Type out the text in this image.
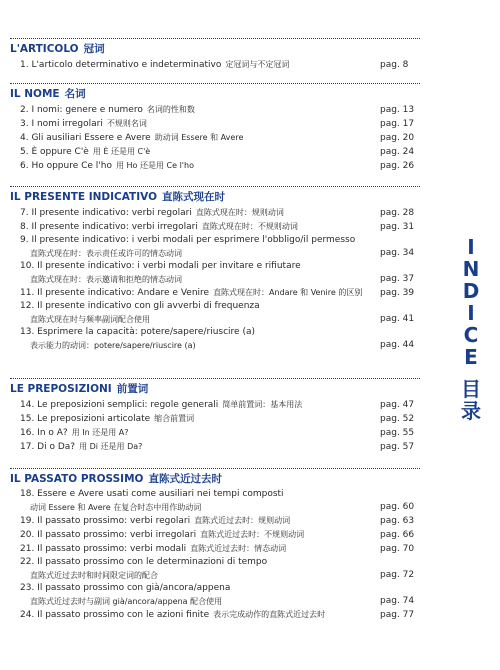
L'ARTICOLO 冠词
1. L'articolo determinativo e indeterminativo 定冠词与不定冠词	pag. 8
IL NOME 名词
2. I nomi: genere e numero 名词的性和数	pag. 13
3. I nomi irregolari 不规则名词	pag. 17
4. Gli ausiliari Essere e Avere 助动词 Essere 和 Avere	pag. 20
5. È oppure C'è 用 È 还是用 C'è	pag. 24
6. Ho oppure Ce l'ho 用 Ho 还是用 Ce l'ho	pag. 26
IL PRESENTE INDICATIVO 直陈式现在时
7. Il presente indicativo: verbi regolari 直陈式现在时：规则动词	pag. 28
8. Il presente indicativo: verbi irregolari 直陈式现在时：不规则动词	pag. 31
9. Il presente indicativo: i verbi modali per esprimere l'obbligo/il permesso
直陈式现在时：表示责任或许可的情态动词	pag. 34
10. Il presente indicativo: i verbi modali per invitare e rifiutare
直陈式现在时：表示邀请和拒绝的情态动词	pag. 37
11. Il presente indicativo: Andare e Venire 直陈式现在时：Andare 和 Venire 的区别	pag. 39
12. Il presente indicativo con gli avverbi di frequenza
直陈式现在时与频率副词配合使用	pag. 41
13. Esprimere la capacità: potere/sapere/riuscire (a)
表示能力的动词：potere/sapere/riuscire (a)	pag. 44
LE PREPOSIZIONI 前置词
14. Le preposizioni semplici: regole generali 简单前置词：基本用法	pag. 47
15. Le preposizioni articolate 缩合前置词	pag. 52
16. In o A? 用 In 还是用 A?	pag. 55
17. Di o Da? 用 Di 还是用 Da?	pag. 57
IL PASSATO PROSSIMO 直陈式近过去时
18. Essere e Avere usati come ausiliari nei tempi composti
动词 Essere 和 Avere 在复合时态中用作助动词	pag. 60
19. Il passato prossimo: verbi regolari 直陈式近过去时：规则动词	pag. 63
20. Il passato prossimo: verbi irregolari 直陈式近过去时：不规则动词	pag. 66
21. Il passato prossimo: verbi modali 直陈式近过去时：情态动词	pag. 70
22. Il passato prossimo con le determinazioni di tempo
直陈式近过去时和时间限定词的配合	pag. 72
23. Il passato prossimo con già/ancora/appena
直陈式近过去时与副词 già/ancora/appena 配合使用	pag. 74
24. Il passato prossimo con le azioni finite 表示完成动作的直陈式近过去时	pag. 77
I
N
D
I
C
E
目
录
